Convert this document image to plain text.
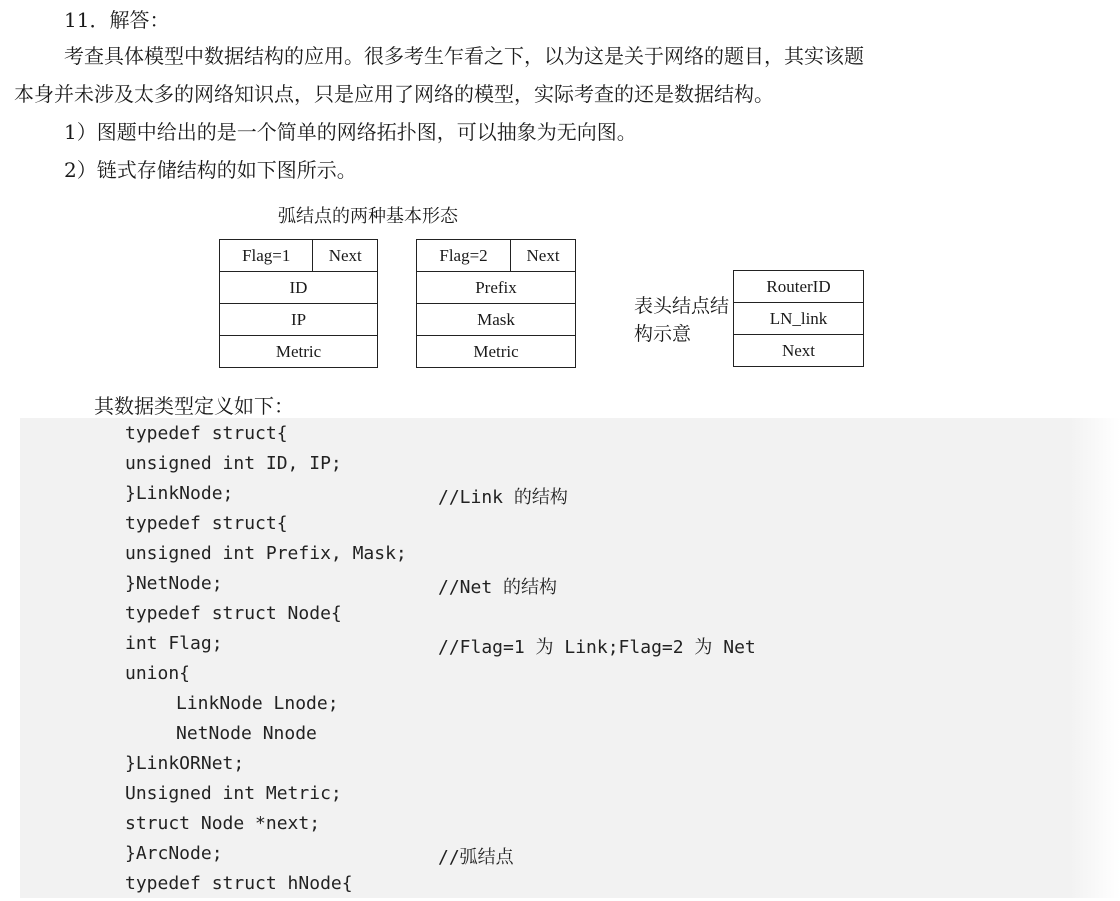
11．解答：
考查具体模型中数据结构的应用。很多考生乍看之下，以为这是关于网络的题目，其实该题
本身并未涉及太多的网络知识点，只是应用了网络的模型，实际考查的还是数据结构。
1）图题中给出的是一个简单的网络拓扑图，可以抽象为无向图。
2）链式存储结构的如下图所示。
弧结点的两种基本形态
Flag=1	Next
ID
IP
Metric
Flag=2	Next
Prefix
Mask
Metric
表头结点结构示意
RouterID
LN_link
Next
其数据类型定义如下：
typedef struct{
unsigned int ID, IP;
}LinkNode;	//Link 的结构
typedef struct{
unsigned int Prefix, Mask;
}NetNode;	//Net 的结构
typedef struct Node{
int Flag;	//Flag=1 为 Link;Flag=2 为 Net
union{
LinkNode Lnode;
NetNode Nnode
}LinkORNet;
Unsigned int Metric;
struct Node *next;
}ArcNode;	//弧结点
typedef struct hNode{
